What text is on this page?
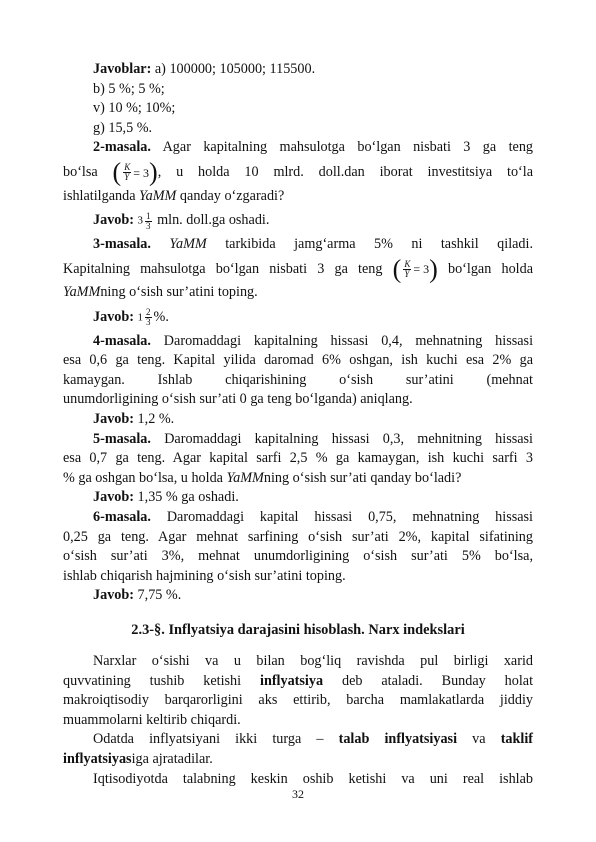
Javoblar: a) 100000; 105000; 115500.
b) 5 %; 5 %;
v) 10 %; 10%;
g) 15,5 %.
2-masala. Agar kapitalning mahsulotga bo‘lgan nisbati 3 ga teng
bo‘lsa ( $\frac{K}{Y} = 3$), u holda 10 mlrd. doll.dan iborat investitsiya to‘la
ishlatilganda YaMM qanday o‘zgaradi?
Javob: $3 \frac{1}{3} mln$. doll.ga oshadi.
3-masala. YaMM tarkibida jamg‘arma 5% ni tashkil qiladi.
Kapitalning mahsulotga bo‘lgan nisbati 3 ga teng ( $\frac{K}{Y} = 3$) bo‘lgan holda
YaMMning o‘sish sur’atini toping.
Javob: $1 \frac{2}{3}$ %.
4-masala. Daromaddagi kapitalning hissasi 0,4, mehnatning hissasi
esa 0,6 ga teng. Kapital yilida daromad 6% oshgan, ish kuchi esa 2% ga
kamaygan. Ishlab chiqarishining o‘sish sur’atini (mehnat
unumdorligining o‘sish sur’ati 0 ga teng bo‘lganda) aniqlang.
Javob: 1,2 %.
5-masala. Daromaddagi kapitalning hissasi 0,3, mehnitning hissasi
esa 0,7 ga teng. Agar kapital sarfi 2,5 % ga kamaygan, ish kuchi sarfi 3
% ga oshgan bo‘lsa, u holda YaMMning o‘sish sur’ati qanday bo‘ladi?
Javob: 1,35 % ga oshadi.
6-masala. Daromaddagi kapital hissasi 0,75, mehnatning hissasi
0,25 ga teng. Agar mehnat sarfining o‘sish sur’ati 2%, kapital sifatining
o‘sish sur’ati 3%, mehnat unumdorligining o‘sish sur’ati 5% bo‘lsa,
ishlab chiqarish hajmining o‘sish sur’atini toping.
Javob: 7,75 %.
2.3-§. Inflyatsiya darajasini hisoblash. Narx indekslari
Narxlar o‘sishi va u bilan bog‘liq ravishda pul birligi xarid
quvvatining tushib ketishi inflyatsiya deb ataladi. Bunday holat
makroiqtisodiy barqarorligini aks ettirib, barcha mamlakatlarda jiddiy
muammolarni keltirib chiqardi.
Odatda inflyatsiyani ikki turga – talab inflyatsiyasi va taklif
inflyatsiyasiga ajratadilar.
Iqtisodiyotda talabning keskin oshib ketishi va uni real ishlab
32
